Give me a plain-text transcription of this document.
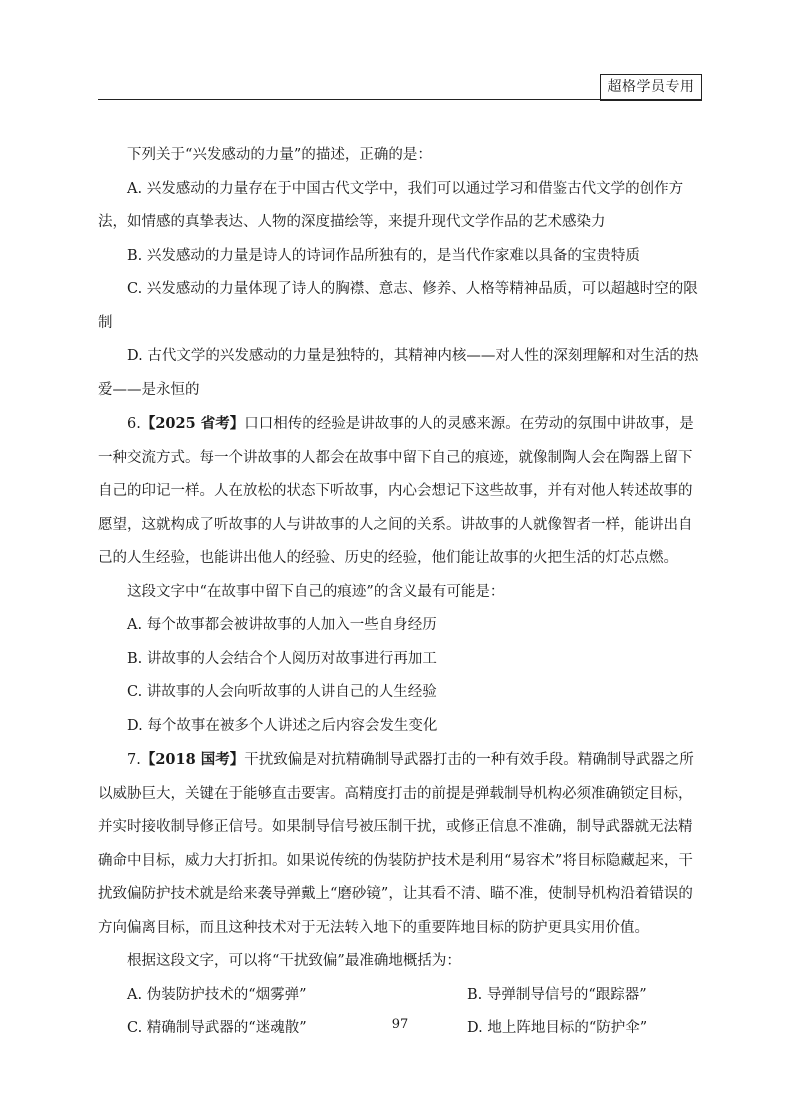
超格学员专用

下列关于“兴发感动的力量”的描述，正确的是：

A. 兴发感动的力量存在于中国古代文学中，我们可以通过学习和借鉴古代文学的创作方法，如情感的真挚表达、人物的深度描绘等，来提升现代文学作品的艺术感染力

B. 兴发感动的力量是诗人的诗词作品所独有的，是当代作家难以具备的宝贵特质

C. 兴发感动的力量体现了诗人的胸襟、意志、修养、人格等精神品质，可以超越时空的限制

D. 古代文学的兴发感动的力量是独特的，其精神内核——对人性的深刻理解和对生活的热爱——是永恒的

6.【2025 省考】口口相传的经验是讲故事的人的灵感来源。在劳动的氛围中讲故事，是一种交流方式。每一个讲故事的人都会在故事中留下自己的痕迹，就像制陶人会在陶器上留下自己的印记一样。人在放松的状态下听故事，内心会想记下这些故事，并有对他人转述故事的愿望，这就构成了听故事的人与讲故事的人之间的关系。讲故事的人就像智者一样，能讲出自己的人生经验，也能讲出他人的经验、历史的经验，他们能让故事的火把生活的灯芯点燃。

这段文字中“在故事中留下自己的痕迹”的含义最有可能是：

A. 每个故事都会被讲故事的人加入一些自身经历

B. 讲故事的人会结合个人阅历对故事进行再加工

C. 讲故事的人会向听故事的人讲自己的人生经验

D. 每个故事在被多个人讲述之后内容会发生变化

7.【2018 国考】干扰致偏是对抗精确制导武器打击的一种有效手段。精确制导武器之所以威胁巨大，关键在于能够直击要害。高精度打击的前提是弹载制导机构必须准确锁定目标，并实时接收制导修正信号。如果制导信号被压制干扰，或修正信息不准确，制导武器就无法精确命中目标，威力大打折扣。如果说传统的伪装防护技术是利用“易容术”将目标隐藏起来，干扰致偏防护技术就是给来袭导弹戴上“磨砂镜”，让其看不清、瞄不准，使制导机构沿着错误的方向偏离目标，而且这种技术对于无法转入地下的重要阵地目标的防护更具实用价值。

根据这段文字，可以将“干扰致偏”最准确地概括为：

A. 伪装防护技术的“烟雾弹”	B. 导弹制导信号的“跟踪器”

C. 精确制导武器的“迷魂散”	D. 地上阵地目标的“防护伞”

97
